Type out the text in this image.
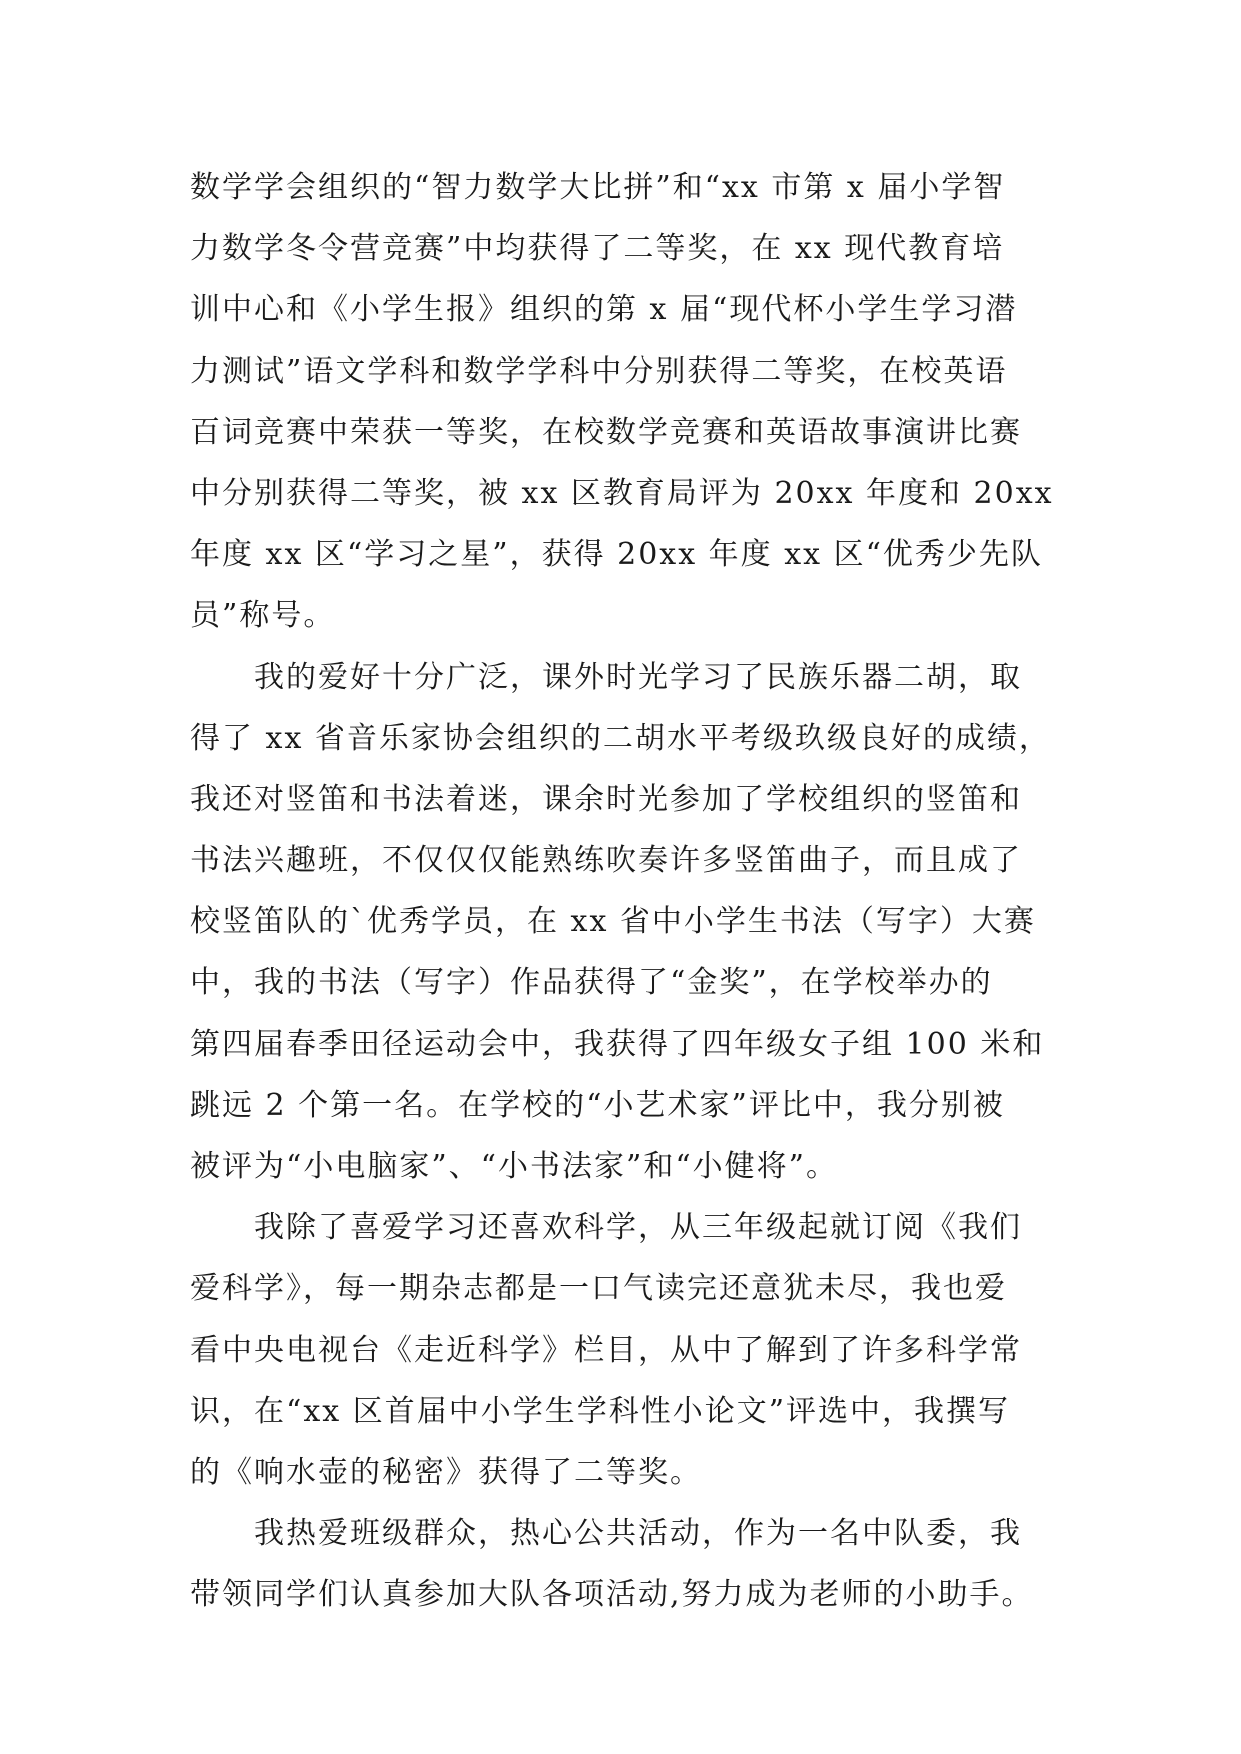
数学学会组织的“智力数学大比拼”和“xx 市第 x 届小学智
力数学冬令营竞赛”中均获得了二等奖，在 xx 现代教育培
训中心和《小学生报》组织的第 x 届“现代杯小学生学习潜
力测试”语文学科和数学学科中分别获得二等奖，在校英语
百词竞赛中荣获一等奖，在校数学竞赛和英语故事演讲比赛
中分别获得二等奖，被 xx 区教育局评为 20xx 年度和 20xx
年度 xx 区“学习之星”，获得 20xx 年度 xx 区“优秀少先队
员”称号。
　　我的爱好十分广泛，课外时光学习了民族乐器二胡，取
得了 xx 省音乐家协会组织的二胡水平考级玖级良好的成绩，
我还对竖笛和书法着迷，课余时光参加了学校组织的竖笛和
书法兴趣班，不仅仅仅能熟练吹奏许多竖笛曲子，而且成了
校竖笛队的`优秀学员，在 xx 省中小学生书法（写字）大赛
中，我的书法（写字）作品获得了“金奖”，在学校举办的
第四届春季田径运动会中，我获得了四年级女子组 100 米和
跳远 2 个第一名。在学校的“小艺术家”评比中，我分别被
被评为“小电脑家”、“小书法家”和“小健将”。
　　我除了喜爱学习还喜欢科学，从三年级起就订阅《我们
爱科学》，每一期杂志都是一口气读完还意犹未尽，我也爱
看中央电视台《走近科学》栏目，从中了解到了许多科学常
识，在“xx 区首届中小学生学科性小论文”评选中，我撰写
的《响水壶的秘密》获得了二等奖。
　　我热爱班级群众，热心公共活动，作为一名中队委，我
带领同学们认真参加大队各项活动,努力成为老师的小助手。
